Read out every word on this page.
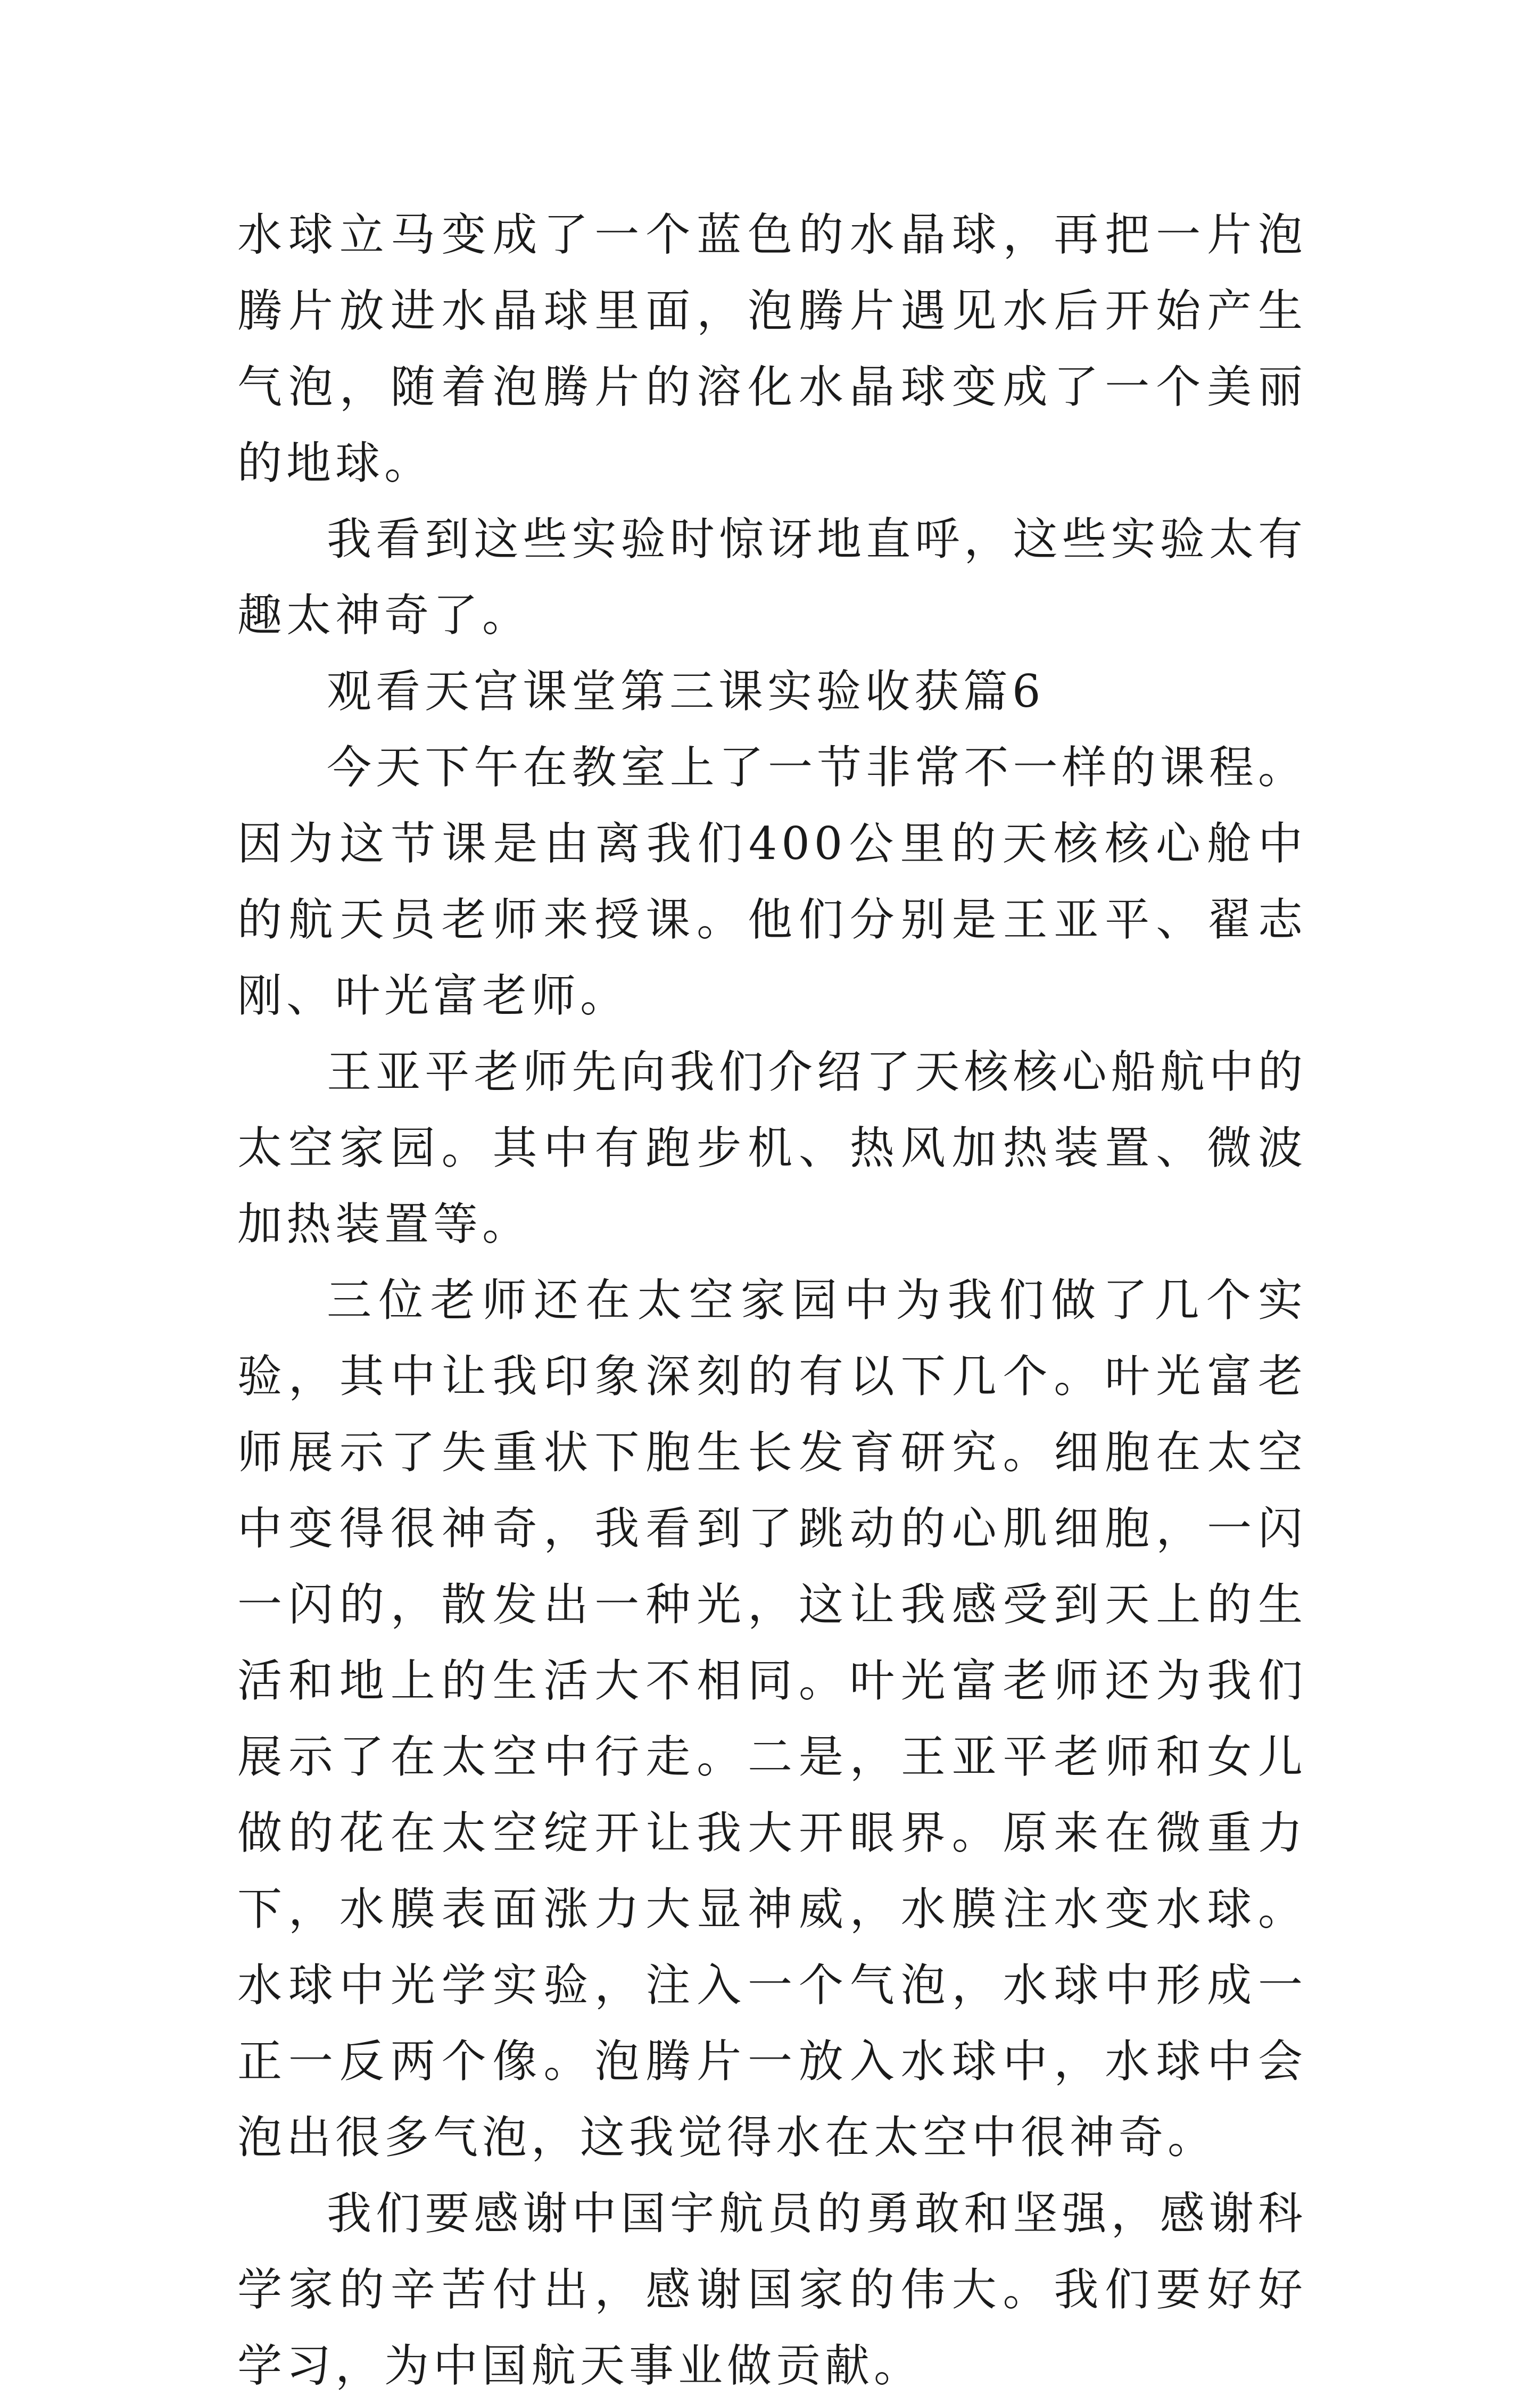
水球立马变成了一个蓝色的水晶球，再把一片泡腾片放进水晶球里面，泡腾片遇见水后开始产生气泡，随着泡腾片的溶化水晶球变成了一个美丽的地球。

我看到这些实验时惊讶地直呼，这些实验太有趣太神奇了。

观看天宫课堂第三课实验收获篇6

今天下午在教室上了一节非常不一样的课程。因为这节课是由离我们400公里的天核核心舱中的航天员老师来授课。他们分别是王亚平、翟志刚、叶光富老师。

王亚平老师先向我们介绍了天核核心船航中的太空家园。其中有跑步机、热风加热装置、微波加热装置等。

三位老师还在太空家园中为我们做了几个实验，其中让我印象深刻的有以下几个。叶光富老师展示了失重状下胞生长发育研究。细胞在太空中变得很神奇，我看到了跳动的心肌细胞，一闪一闪的，散发出一种光，这让我感受到天上的生活和地上的生活大不相同。叶光富老师还为我们展示了在太空中行走。二是，王亚平老师和女儿做的花在太空绽开让我大开眼界。原来在微重力下，水膜表面涨力大显神威，水膜注水变水球。水球中光学实验，注入一个气泡，水球中形成一正一反两个像。泡腾片一放入水球中，水球中会泡出很多气泡，这我觉得水在太空中很神奇。

我们要感谢中国宇航员的勇敢和坚强，感谢科学家的辛苦付出，感谢国家的伟大。我们要好好学习，为中国航天事业做贡献。
